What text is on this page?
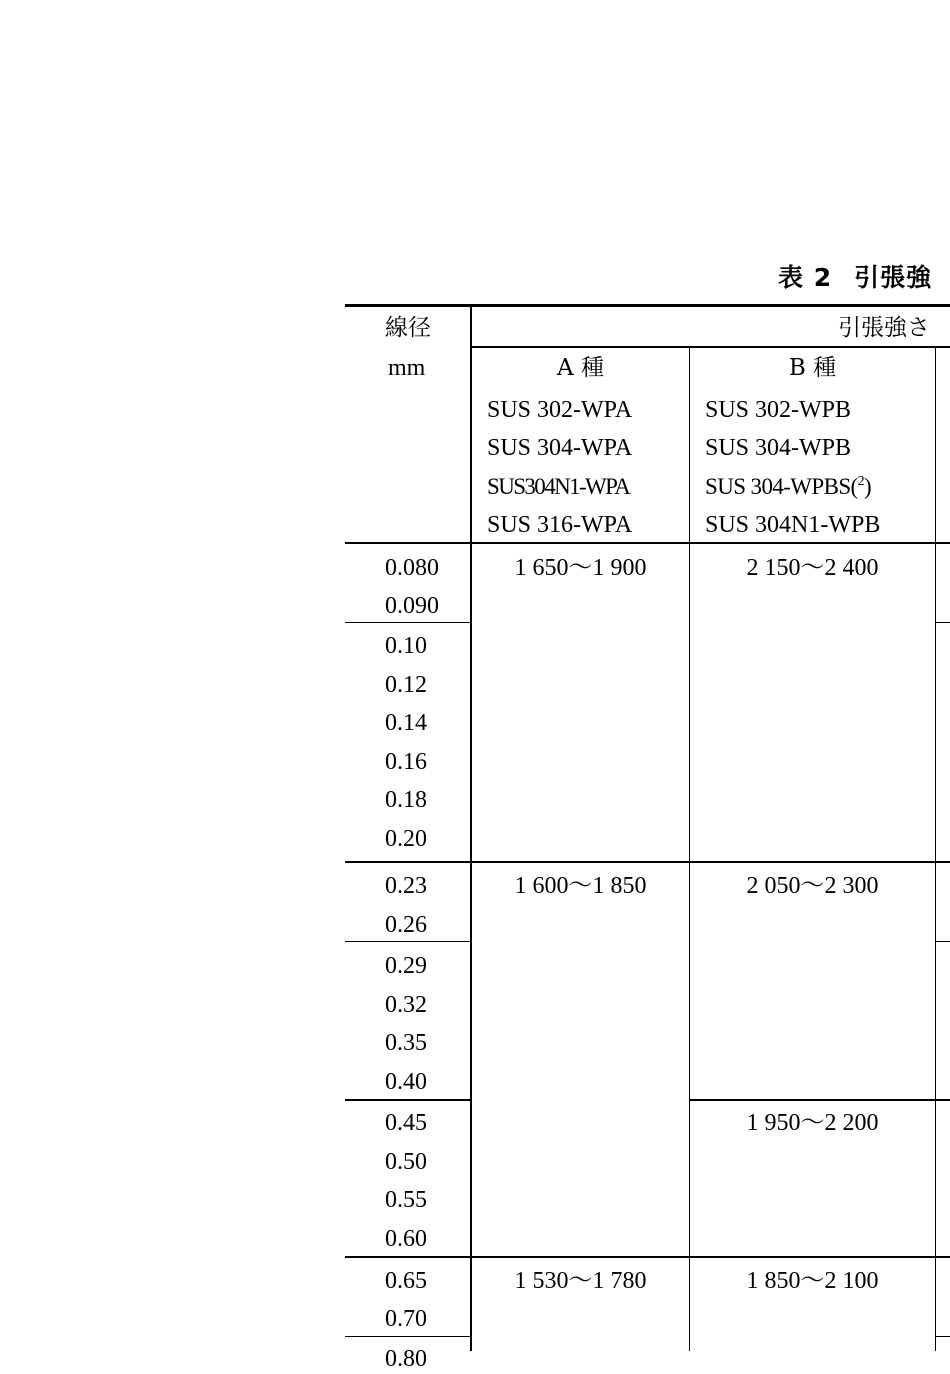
表 2 引張強
線径
mm
引張強さ
A 種	B 種
SUS 302-WPA
SUS 304-WPA
SUS304N1-WPA
SUS 316-WPA
SUS 302-WPB
SUS 304-WPB
SUS 304-WPBS($^2$)
SUS 304N1-WPB
0.080
0.090
0.10
0.12
0.14
0.16
0.18
0.20
0.23
0.26
0.29
0.32
0.35
0.40
0.45
0.50
0.55
0.60
0.65
0.70
0.80
1 650〜1 900
1 600〜1 850
1 530〜1 780
2 150〜2 400
2 050〜2 300
1 950〜2 200
1 850〜2 100
